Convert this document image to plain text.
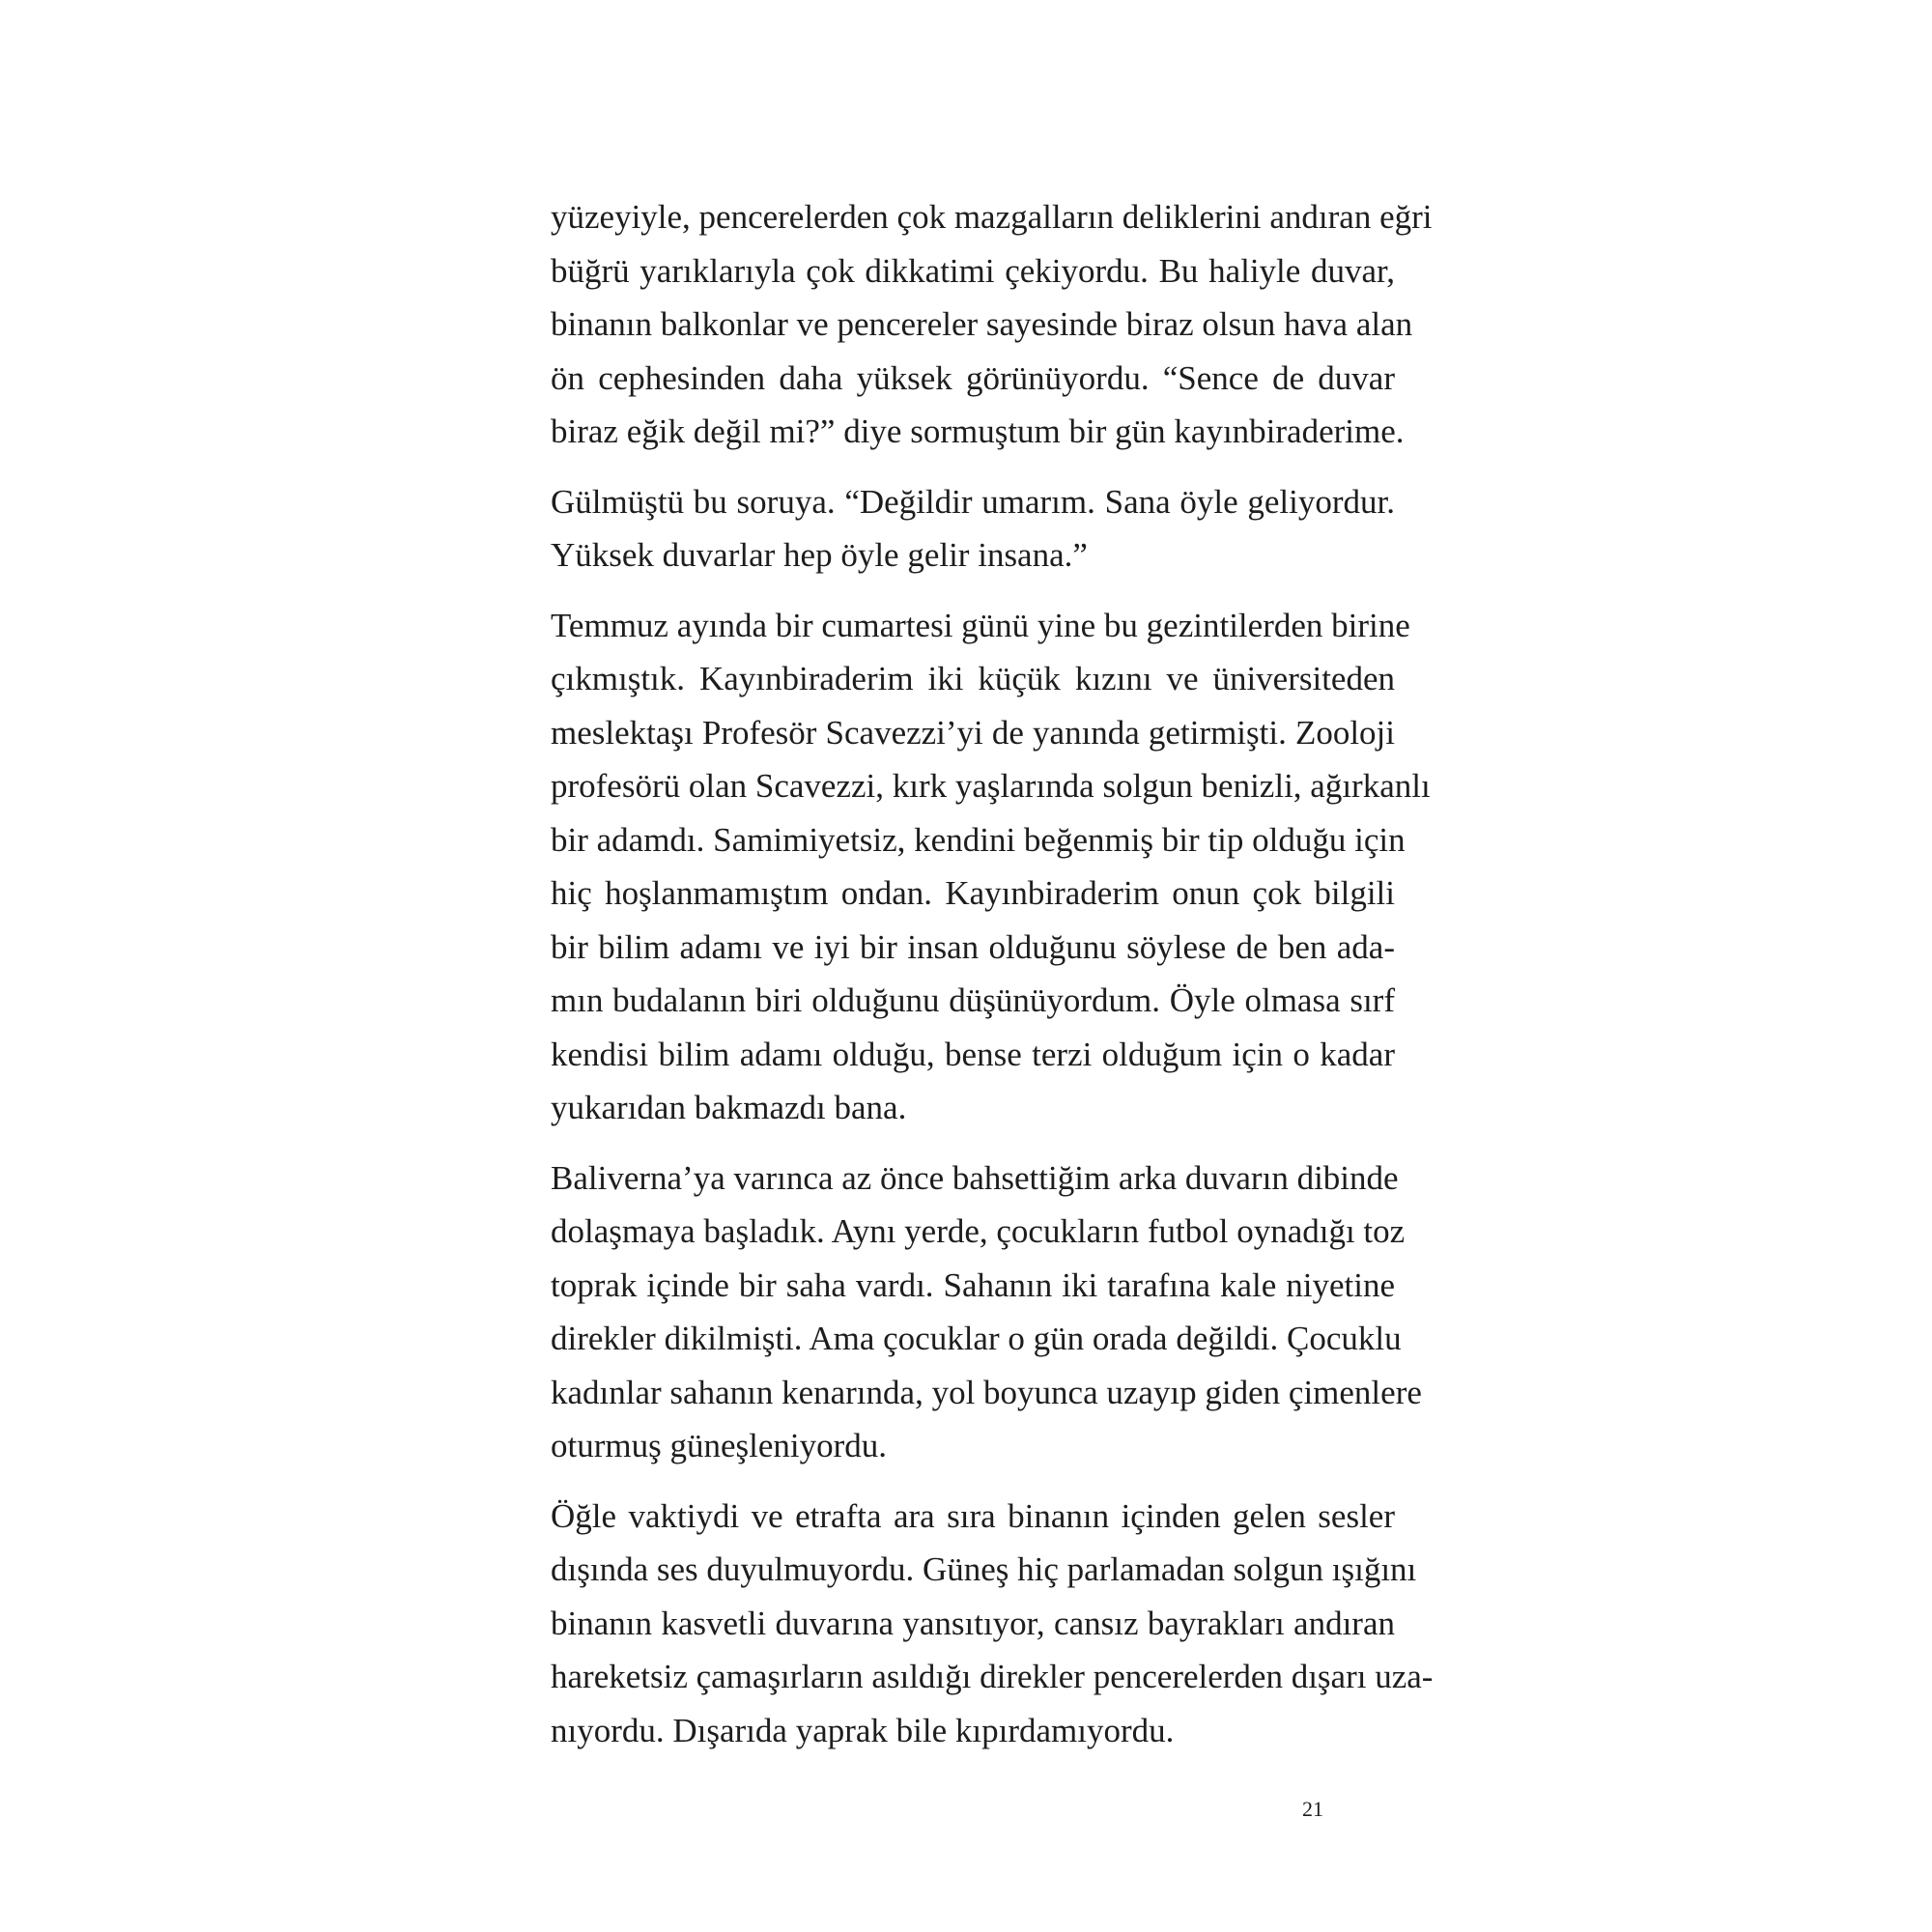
yüzeyiyle, pencerelerden çok mazgalların deliklerini andıran eğri
büğrü yarıklarıyla çok dikkatimi çekiyordu. Bu haliyle duvar,
binanın balkonlar ve pencereler sayesinde biraz olsun hava alan
ön cephesinden daha yüksek görünüyordu. “Sence de duvar
biraz eğik değil mi?” diye sormuştum bir gün kayınbiraderime.
Gülmüştü bu soruya. “Değildir umarım. Sana öyle geliyordur.
Yüksek duvarlar hep öyle gelir insana.”
Temmuz ayında bir cumartesi günü yine bu gezintilerden birine
çıkmıştık. Kayınbiraderim iki küçük kızını ve üniversiteden
meslektaşı Profesör Scavezzi’yi de yanında getirmişti. Zooloji
profesörü olan Scavezzi, kırk yaşlarında solgun benizli, ağırkanlı
bir adamdı. Samimiyetsiz, kendini beğenmiş bir tip olduğu için
hiç hoşlanmamıştım ondan. Kayınbiraderim onun çok bilgili
bir bilim adamı ve iyi bir insan olduğunu söylese de ben ada-
mın budalanın biri olduğunu düşünüyordum. Öyle olmasa sırf
kendisi bilim adamı olduğu, bense terzi olduğum için o kadar
yukarıdan bakmazdı bana.
Baliverna’ya varınca az önce bahsettiğim arka duvarın dibinde
dolaşmaya başladık. Aynı yerde, çocukların futbol oynadığı toz
toprak içinde bir saha vardı. Sahanın iki tarafına kale niyetine
direkler dikilmişti. Ama çocuklar o gün orada değildi. Çocuklu
kadınlar sahanın kenarında, yol boyunca uzayıp giden çimenlere
oturmuş güneşleniyordu.
Öğle vaktiydi ve etrafta ara sıra binanın içinden gelen sesler
dışında ses duyulmuyordu. Güneş hiç parlamadan solgun ışığını
binanın kasvetli duvarına yansıtıyor, cansız bayrakları andıran
hareketsiz çamaşırların asıldığı direkler pencerelerden dışarı uza-
nıyordu. Dışarıda yaprak bile kıpırdamıyordu.
21
